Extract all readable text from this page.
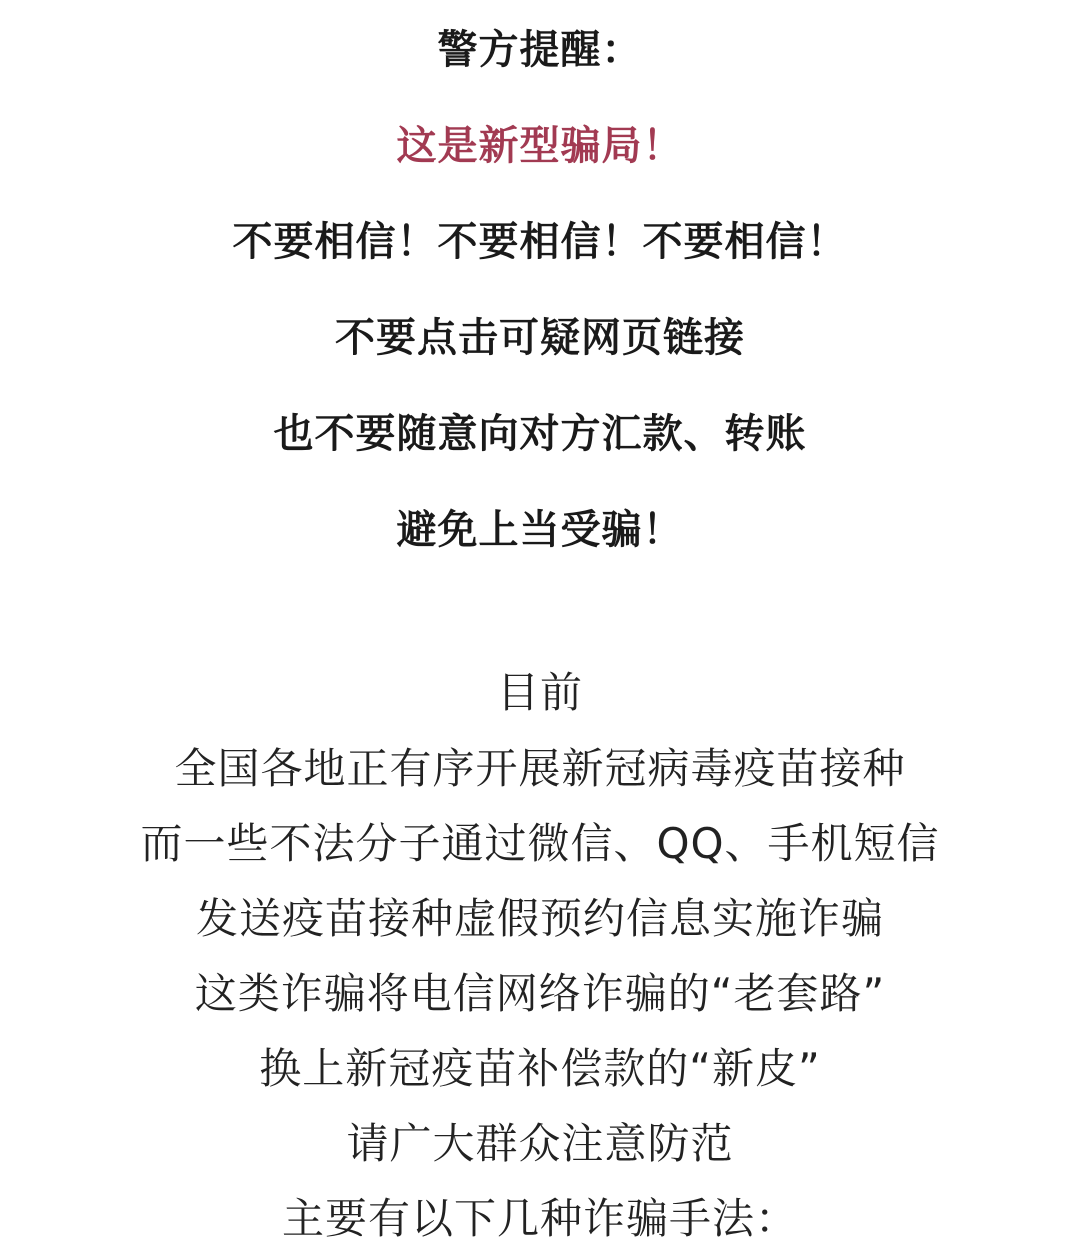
警方提醒：
这是新型骗局！
不要相信！不要相信！不要相信！
不要点击可疑网页链接
也不要随意向对方汇款、转账
避免上当受骗！
目前
全国各地正有序开展新冠病毒疫苗接种
而一些不法分子通过微信、QQ、手机短信
发送疫苗接种虚假预约信息实施诈骗
这类诈骗将电信网络诈骗的“老套路”
换上新冠疫苗补偿款的“新皮”
请广大群众注意防范
主要有以下几种诈骗手法：
